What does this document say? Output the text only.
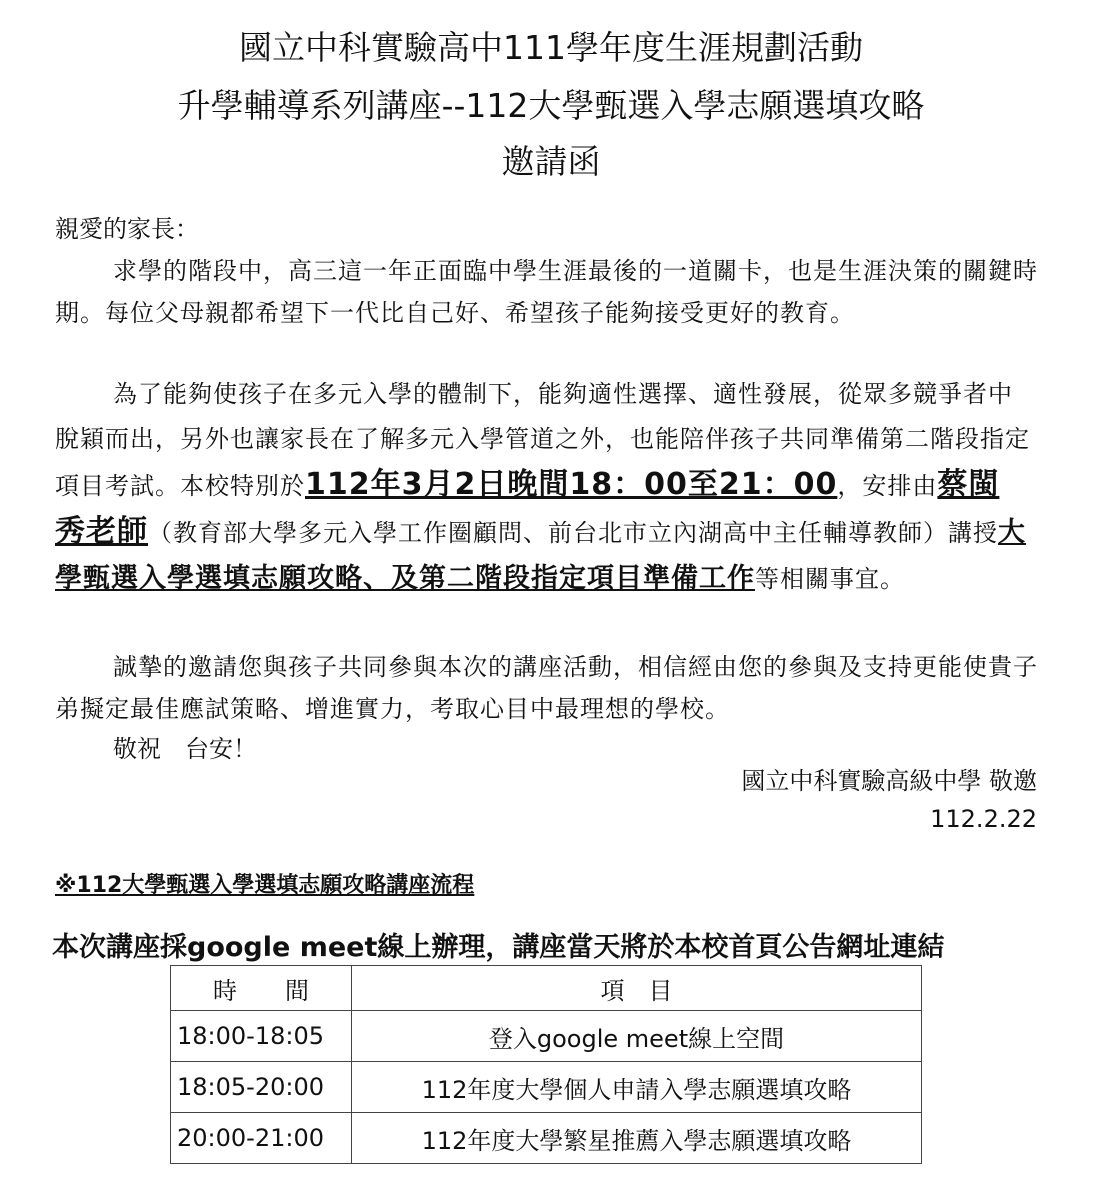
國立中科實驗高中111學年度生涯規劃活動
升學輔導系列講座--112大學甄選入學志願選填攻略
邀請函
親愛的家長：
求學的階段中，高三這一年正面臨中學生涯最後的一道關卡，也是生涯決策的關鍵時期。每位父母親都希望下一代比自己好、希望孩子能夠接受更好的教育。
為了能夠使孩子在多元入學的體制下，能夠適性選擇、適性發展，從眾多競爭者中脫穎而出，另外也讓家長在了解多元入學管道之外，也能陪伴孩子共同準備第二階段指定項目考試。本校特別於112年3月2日晚間18：00至21：00，安排由蔡閩秀老師（教育部大學多元入學工作圈顧問、前台北市立內湖高中主任輔導教師）講授大學甄選入學選填志願攻略、及第二階段指定項目準備工作等相關事宜。
誠摯的邀請您與孩子共同參與本次的講座活動，相信經由您的參與及支持更能使貴子弟擬定最佳應試策略、增進實力，考取心目中最理想的學校。
敬祝　台安！
國立中科實驗高級中學 敬邀
112.2.22
※112大學甄選入學選填志願攻略講座流程
本次講座採google meet線上辦理，講座當天將於本校首頁公告網址連結
時　　間	項　目
18:00-18:05	登入google meet線上空間
18:05-20:00	112年度大學個人申請入學志願選填攻略
20:00-21:00	112年度大學繁星推薦入學志願選填攻略
